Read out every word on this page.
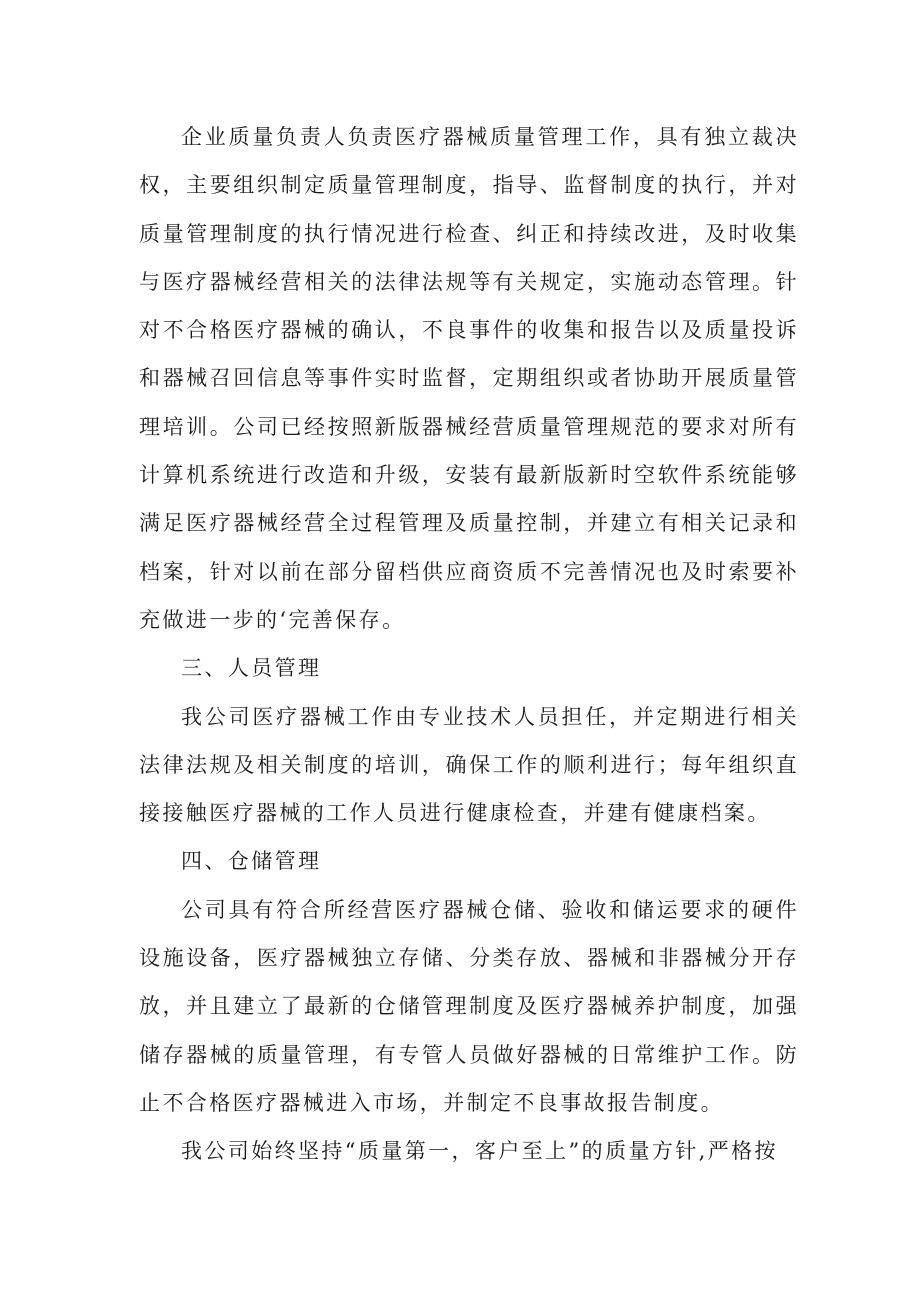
企业质量负责人负责医疗器械质量管理工作，具有独立裁决权，主要组织制定质量管理制度，指导、监督制度的执行，并对质量管理制度的执行情况进行检查、纠正和持续改进，及时收集与医疗器械经营相关的法律法规等有关规定，实施动态管理。针对不合格医疗器械的确认，不良事件的收集和报告以及质量投诉和器械召回信息等事件实时监督，定期组织或者协助开展质量管理培训。公司已经按照新版器械经营质量管理规范的要求对所有计算机系统进行改造和升级，安装有最新版新时空软件系统能够满足医疗器械经营全过程管理及质量控制，并建立有相关记录和档案，针对以前在部分留档供应商资质不完善情况也及时索要补充做进一步的‘完善保存。

三、人员管理

我公司医疗器械工作由专业技术人员担任，并定期进行相关法律法规及相关制度的培训，确保工作的顺利进行；每年组织直接接触医疗器械的工作人员进行健康检查，并建有健康档案。

四、仓储管理

公司具有符合所经营医疗器械仓储、验收和储运要求的硬件设施设备，医疗器械独立存储、分类存放、器械和非器械分开存放，并且建立了最新的仓储管理制度及医疗器械养护制度，加强储存器械的质量管理，有专管人员做好器械的日常维护工作。防止不合格医疗器械进入市场，并制定不良事故报告制度。

我公司始终坚持“质量第一，客户至上”的质量方针,严格按
